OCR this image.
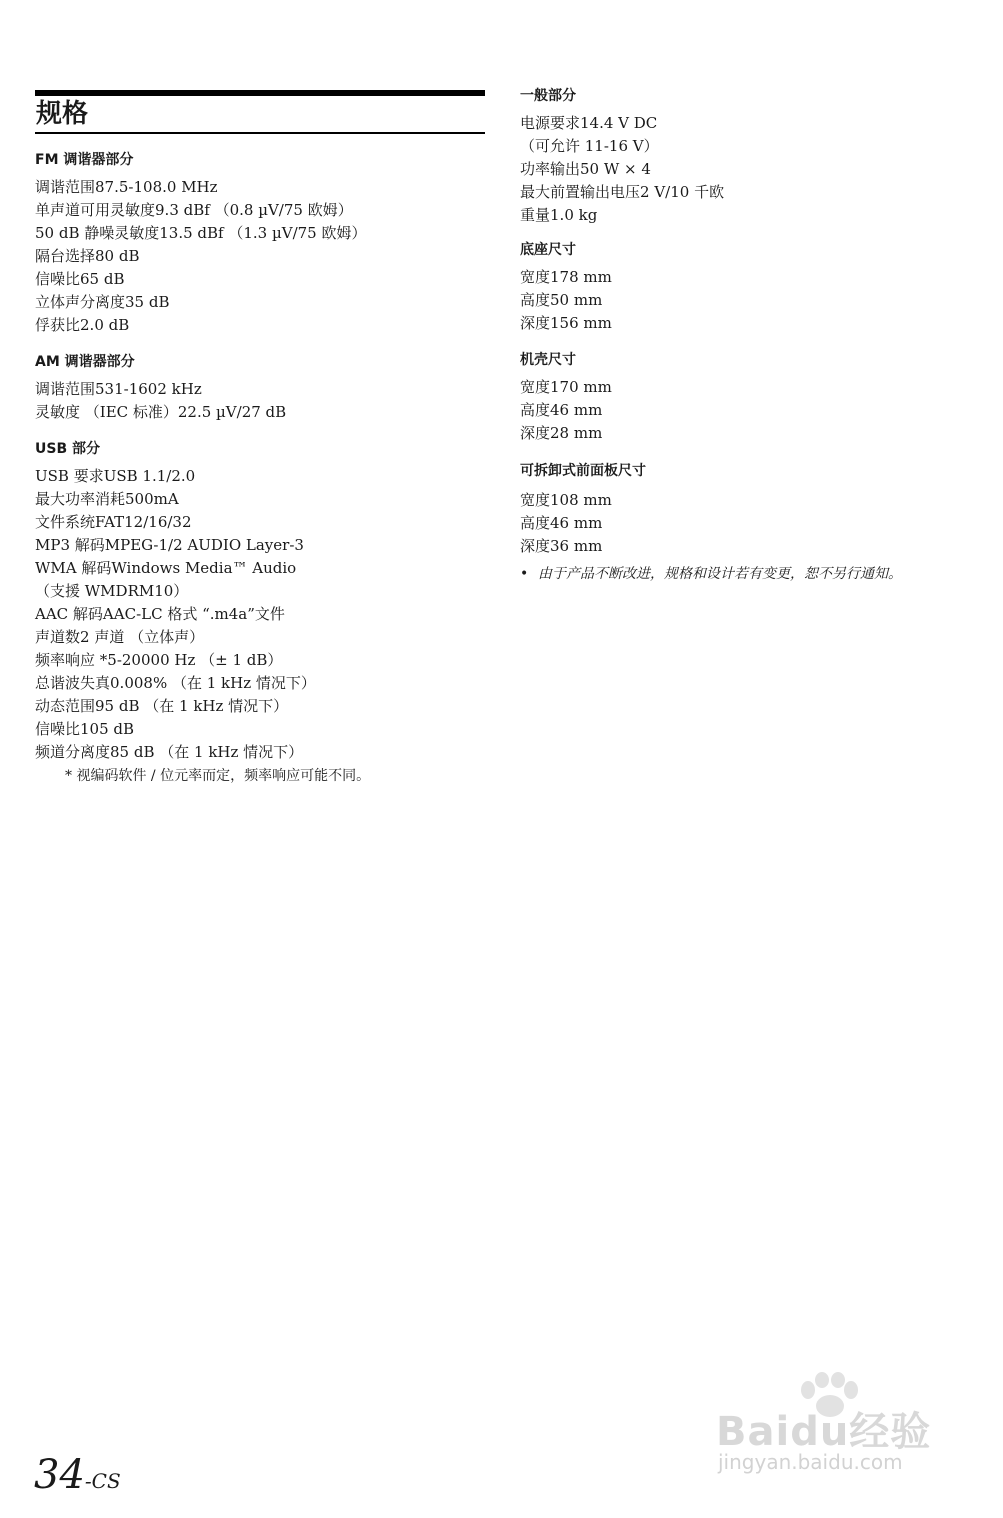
规格
FM 调谐器部分
调谐范围 87.5-108.0 MHz
单声道可用灵敏度 9.3 dBf （0.8 µV/75 欧姆）
50 dB 静噪灵敏度 13.5 dBf （1.3 µV/75 欧姆）
隔台选择 80 dB
信噪比 65 dB
立体声分离度 35 dB
俘获比 2.0 dB
AM 调谐器部分
调谐范围 531-1602 kHz
灵敏度 （IEC 标准） 22.5 µV/27 dB
USB 部分
USB 要求 USB 1.1/2.0
最大功率消耗 500mA
文件系统 FAT12/16/32
MP3 解码 MPEG-1/2 AUDIO Layer-3
WMA 解码 Windows Media™ Audio
（支援 WMDRM10）
AAC 解码 AAC-LC 格式 “.m4a”文件
声道数 2 声道 （立体声）
频率响应 * 5-20000 Hz （± 1 dB）
总谐波失真 0.008% （在 1 kHz 情况下）
动态范围 95 dB （在 1 kHz 情况下）
信噪比 105 dB
频道分离度 85 dB （在 1 kHz 情况下）
* 视编码软件 / 位元率而定，频率响应可能不同。
一般部分
电源要求 14.4 V DC
（可允许 11-16 V）
功率输出 50 W × 4
最大前置输出电压 2 V/10 千欧
重量 1.0 kg
底座尺寸
宽度 178 mm
高度 50 mm
深度 156 mm
机壳尺寸
宽度 170 mm
高度 46 mm
深度 28 mm
可拆卸式前面板尺寸
宽度 108 mm
高度 46 mm
深度 36 mm
• 由于产品不断改进，规格和设计若有变更，恕不另行通知。
34-CS
Baidu经验
jingyan.baidu.com
